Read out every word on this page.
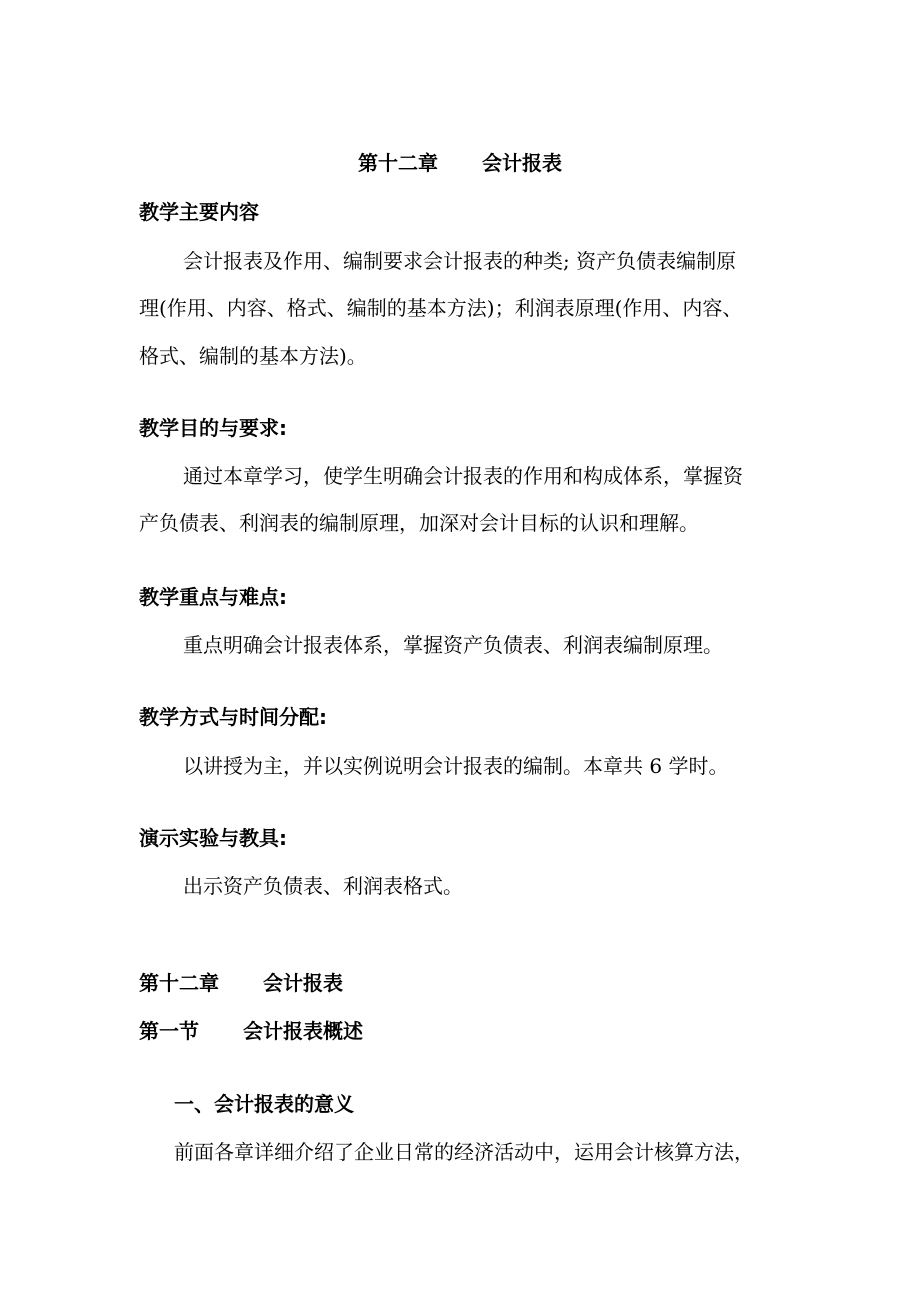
第十二章 会计报表
教学主要内容
会计报表及作用、编制要求会计报表的种类; 资产负债表编制原
理(作用、内容、格式、编制的基本方法)；利润表原理(作用、内容、
格式、编制的基本方法)。
教学目的与要求:
通过本章学习，使学生明确会计报表的作用和构成体系，掌握资
产负债表、利润表的编制原理，加深对会计目标的认识和理解。
教学重点与难点:
重点明确会计报表体系，掌握资产负债表、利润表编制原理。
教学方式与时间分配:
以讲授为主，并以实例说明会计报表的编制。本章共 6 学时。
演示实验与教具:
出示资产负债表、利润表格式。
第十二章 会计报表
第一节 会计报表概述
一、会计报表的意义
前面各章详细介绍了企业日常的经济活动中，运用会计核算方法，
